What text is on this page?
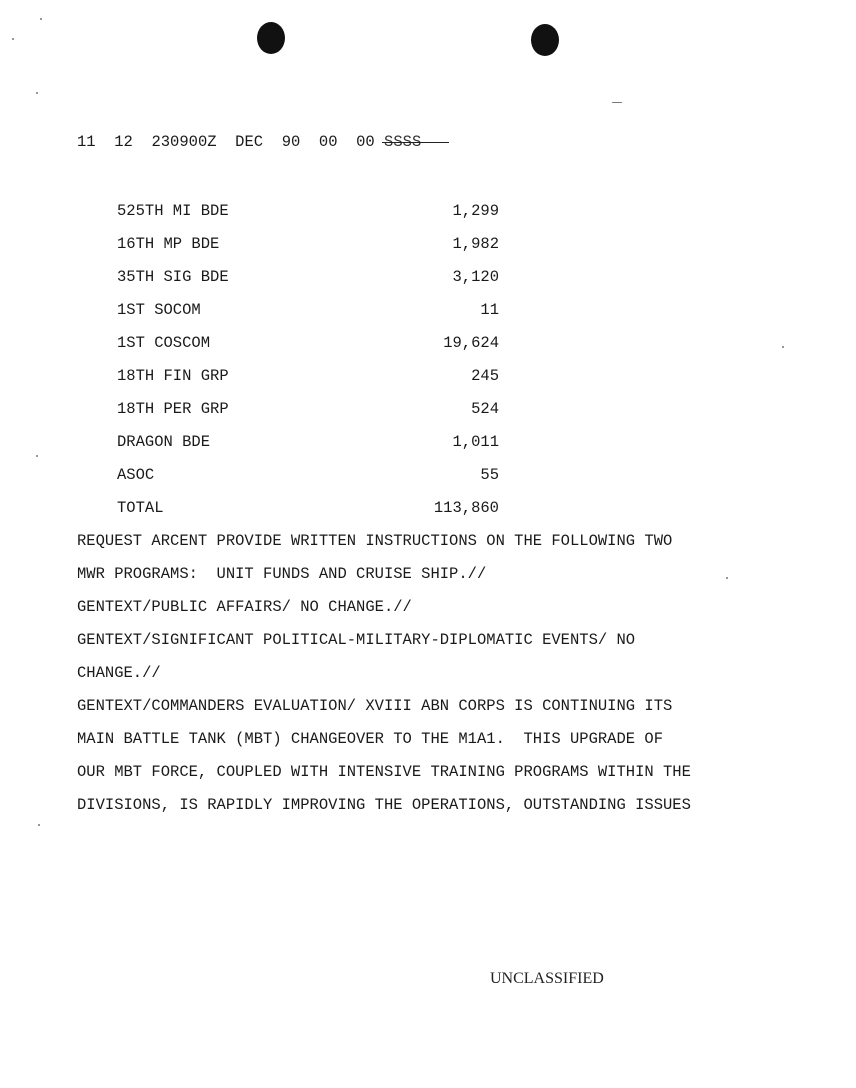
11 12 230900Z DEC 90 00 00 SSSS
525TH MI BDE	1,299
16TH MP BDE	1,982
35TH SIG BDE	3,120
1ST SOCOM	11
1ST COSCOM	19,624
18TH FIN GRP	245
18TH PER GRP	524
DRAGON BDE	1,011
ASOC	55
TOTAL	113,860
REQUEST ARCENT PROVIDE WRITTEN INSTRUCTIONS ON THE FOLLOWING TWO
MWR PROGRAMS:  UNIT FUNDS AND CRUISE SHIP.//
GENTEXT/PUBLIC AFFAIRS/ NO CHANGE.//
GENTEXT/SIGNIFICANT POLITICAL-MILITARY-DIPLOMATIC EVENTS/ NO
CHANGE.//
GENTEXT/COMMANDERS EVALUATION/ XVIII ABN CORPS IS CONTINUING ITS
MAIN BATTLE TANK (MBT) CHANGEOVER TO THE M1A1.  THIS UPGRADE OF
OUR MBT FORCE, COUPLED WITH INTENSIVE TRAINING PROGRAMS WITHIN THE
DIVISIONS, IS RAPIDLY IMPROVING THE OPERATIONS, OUTSTANDING ISSUES
UNCLASSIFIED
